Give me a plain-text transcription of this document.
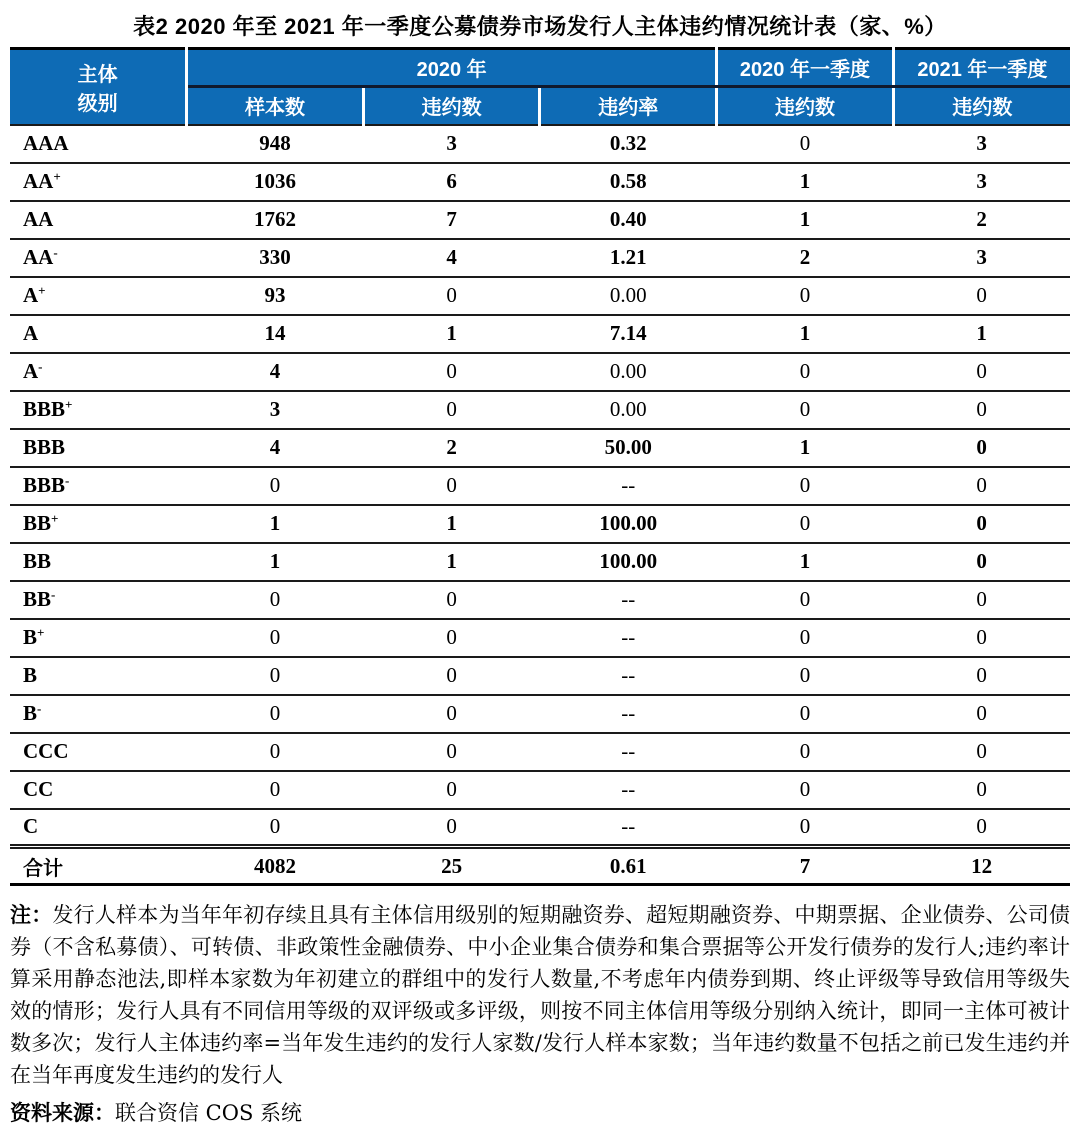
表2 2020 年至 2021 年一季度公募债券市场发行人主体违约情况统计表（家、%）
主体
级别	2020 年			2020 年一季度	2021 年一季度
	样本数	违约数	违约率	违约数	违约数
AAA	948	3	0.32	0	3
AA+	1036	6	0.58	1	3
AA	1762	7	0.40	1	2
AA-	330	4	1.21	2	3
A+	93	0	0.00	0	0
A	14	1	7.14	1	1
A-	4	0	0.00	0	0
BBB+	3	0	0.00	0	0
BBB	4	2	50.00	1	0
BBB-	0	0	--	0	0
BB+	1	1	100.00	0	0
BB	1	1	100.00	1	0
BB-	0	0	--	0	0
B+	0	0	--	0	0
B	0	0	--	0	0
B-	0	0	--	0	0
CCC	0	0	--	0	0
CC	0	0	--	0	0
C	0	0	--	0	0
合计	4082	25	0.61	7	12
注：发行人样本为当年年初存续且具有主体信用级别的短期融资券、超短期融资券、中期票据、企业债券、公司债券（不含私募债）、可转债、非政策性金融债券、中小企业集合债券和集合票据等公开发行债券的发行人;违约率计算采用静态池法,即样本家数为年初建立的群组中的发行人数量,不考虑年内债券到期、终止评级等导致信用等级失效的情形；发行人具有不同信用等级的双评级或多评级，则按不同主体信用等级分别纳入统计，即同一主体可被计数多次；发行人主体违约率=当年发生违约的发行人家数/发行人样本家数；当年违约数量不包括之前已发生违约并在当年再度发生违约的发行人
资料来源：联合资信 COS 系统
